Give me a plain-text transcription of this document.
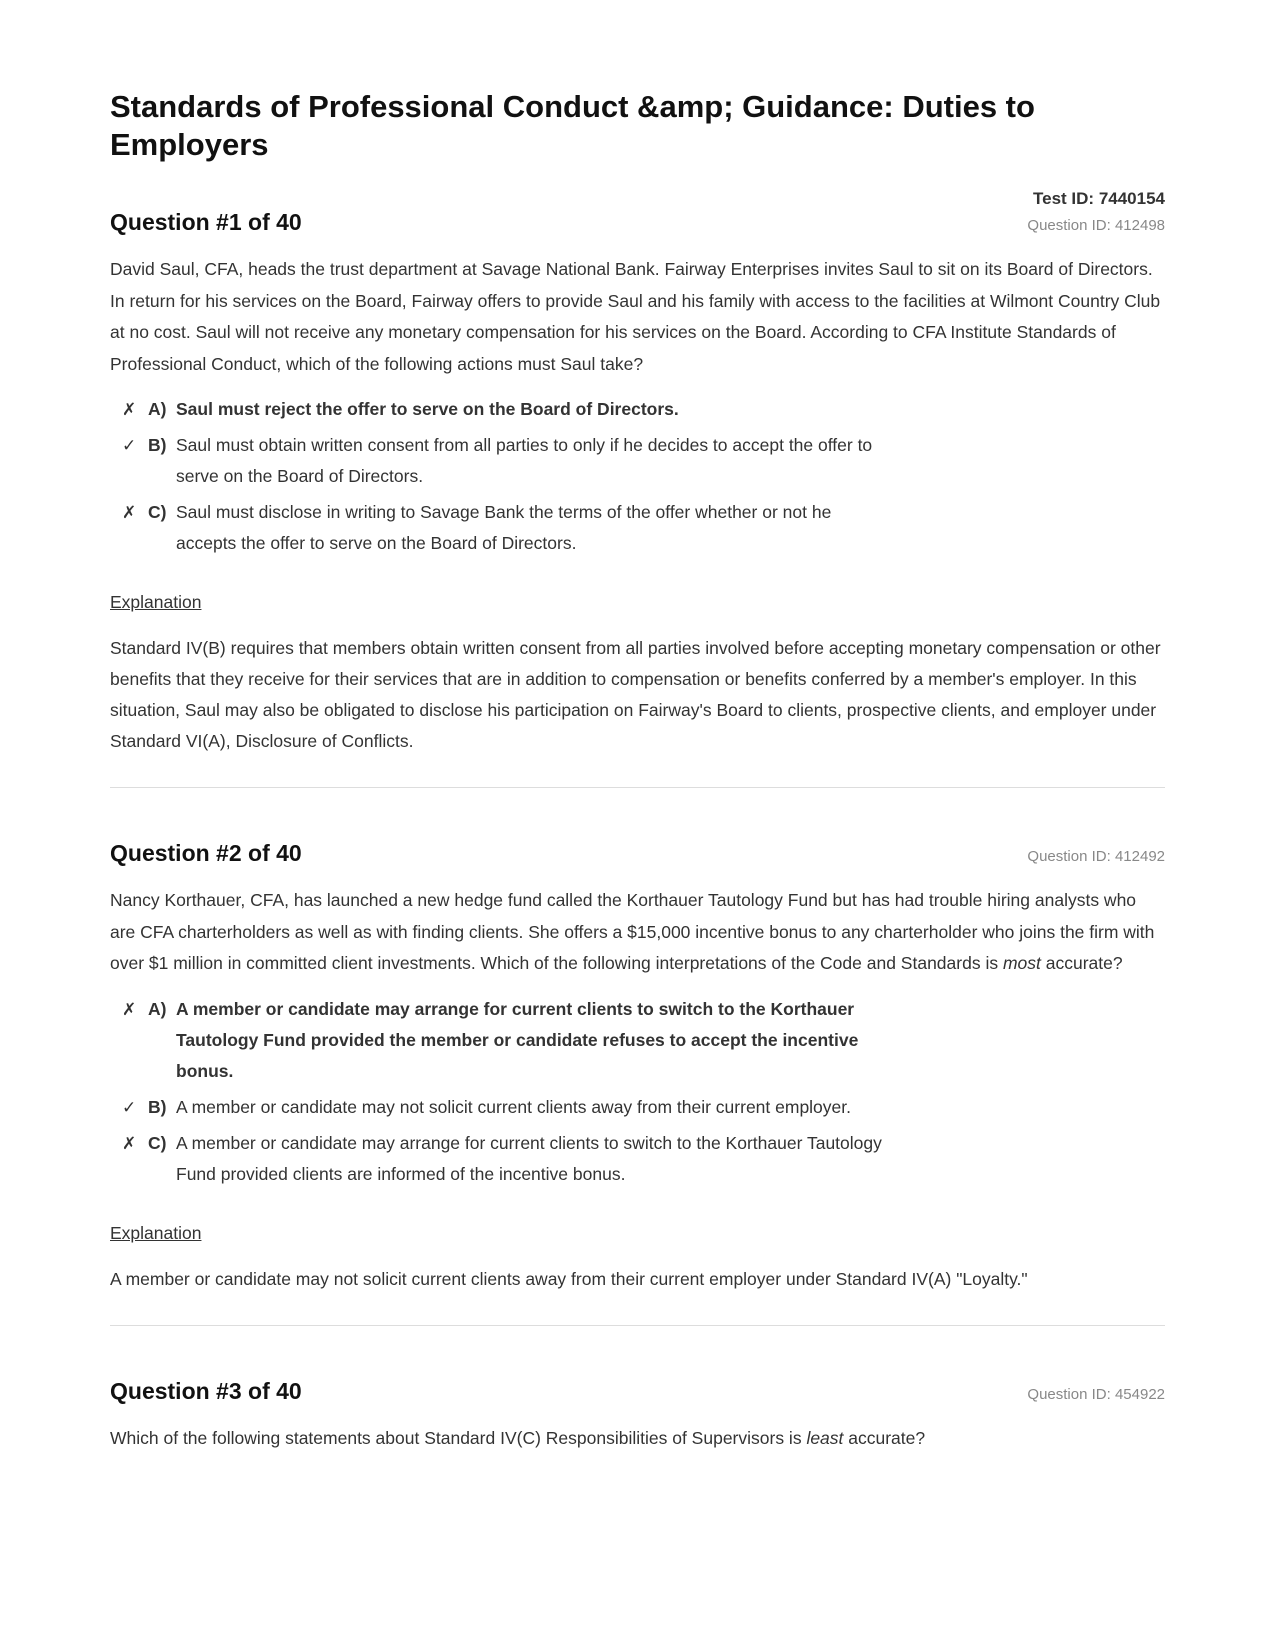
Standards of Professional Conduct &amp; Guidance: Duties to Employers
Test ID: 7440154
Question #1 of 40	Question ID: 412498

David Saul, CFA, heads the trust department at Savage National Bank. Fairway Enterprises invites Saul to sit on its Board of Directors. In return for his services on the Board, Fairway offers to provide Saul and his family with access to the facilities at Wilmont Country Club at no cost. Saul will not receive any monetary compensation for his services on the Board. According to CFA Institute Standards of Professional Conduct, which of the following actions must Saul take?

✗ A) Saul must reject the offer to serve on the Board of Directors.
✓ B) Saul must obtain written consent from all parties to only if he decides to accept the offer to serve on the Board of Directors.
✗ C) Saul must disclose in writing to Savage Bank the terms of the offer whether or not he accepts the offer to serve on the Board of Directors.
Explanation

Standard IV(B) requires that members obtain written consent from all parties involved before accepting monetary compensation or other benefits that they receive for their services that are in addition to compensation or benefits conferred by a member's employer. In this situation, Saul may also be obligated to disclose his participation on Fairway's Board to clients, prospective clients, and employer under Standard VI(A), Disclosure of Conflicts.

Question #2 of 40	Question ID: 412492

Nancy Korthauer, CFA, has launched a new hedge fund called the Korthauer Tautology Fund but has had trouble hiring analysts who are CFA charterholders as well as with finding clients. She offers a $15,000 incentive bonus to any charterholder who joins the firm with over $1 million in committed client investments. Which of the following interpretations of the Code and Standards is most accurate?

✗ A) A member or candidate may arrange for current clients to switch to the Korthauer Tautology Fund provided the member or candidate refuses to accept the incentive bonus.
✓ B) A member or candidate may not solicit current clients away from their current employer.
✗ C) A member or candidate may arrange for current clients to switch to the Korthauer Tautology Fund provided clients are informed of the incentive bonus.
Explanation

A member or candidate may not solicit current clients away from their current employer under Standard IV(A) "Loyalty."

Question #3 of 40	Question ID: 454922

Which of the following statements about Standard IV(C) Responsibilities of Supervisors is least accurate?
